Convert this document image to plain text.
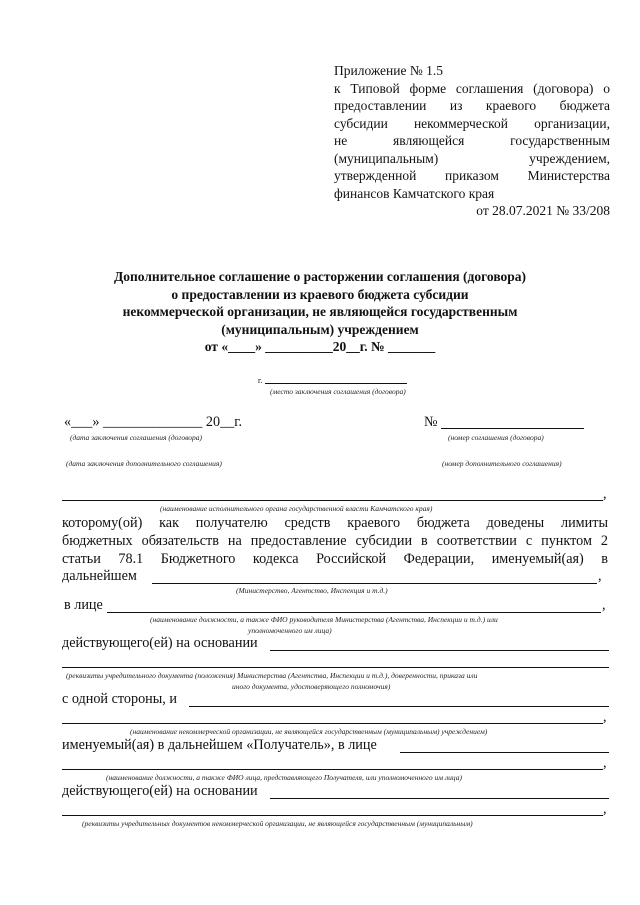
Приложение № 1.5
к Типовой форме соглашения (договора) о
предоставлении из краевого бюджета
субсидии некоммерческой организации,
не являющейся государственным
(муниципальным) учреждением,
утвержденной приказом Министерства
финансов Камчатского края
от 28.07.2021 № 33/208
Дополнительное соглашение о расторжении соглашения (договора)
о предоставлении из краевого бюджета субсидии
некоммерческой организации, не являющейся государственным
(муниципальным) учреждением
от «____» __________20__г. № _______
г.
(место заключения соглашения (договора)
«___» ______________ 20__г.
(дата заключения соглашения (договора)
№
(номер соглашения (договора)
(дата заключения дополнительного соглашения)	(номер дополнительного соглашения)
,
(наименование исполнительного органа государственной власти Камчатского края)
которому(ой) как получателю средств краевого бюджета доведены лимиты
бюджетных обязательств на предоставление субсидии в соответствии с пунктом 2
статьи 78.1 Бюджетного кодекса Российской Федерации, именуемый(ая) в
дальнейшем	,
(Министерство, Агентство, Инспекция и т.д.)
в лице	,
(наименование должности, а также ФИО руководителя Министерства (Агентства, Инспекции и т.д.) или
уполномоченного им лица)
действующего(ей) на основании
(реквизиты учредительного документа (положения) Министерства (Агентства, Инспекции и т.д.), доверенности, приказа или
иного документа, удостоверяющего полномочия)
с одной стороны, и
,
(наименование некоммерческой организации, не являющейся государственным (муниципальным) учреждением)
именуемый(ая) в дальнейшем «Получатель», в лице
,
(наименование должности, а также ФИО лица, представляющего Получателя, или уполномоченного им лица)
действующего(ей) на основании
,
(реквизиты учредительных документов некоммерческой организации, не являющейся государственным (муниципальным)
